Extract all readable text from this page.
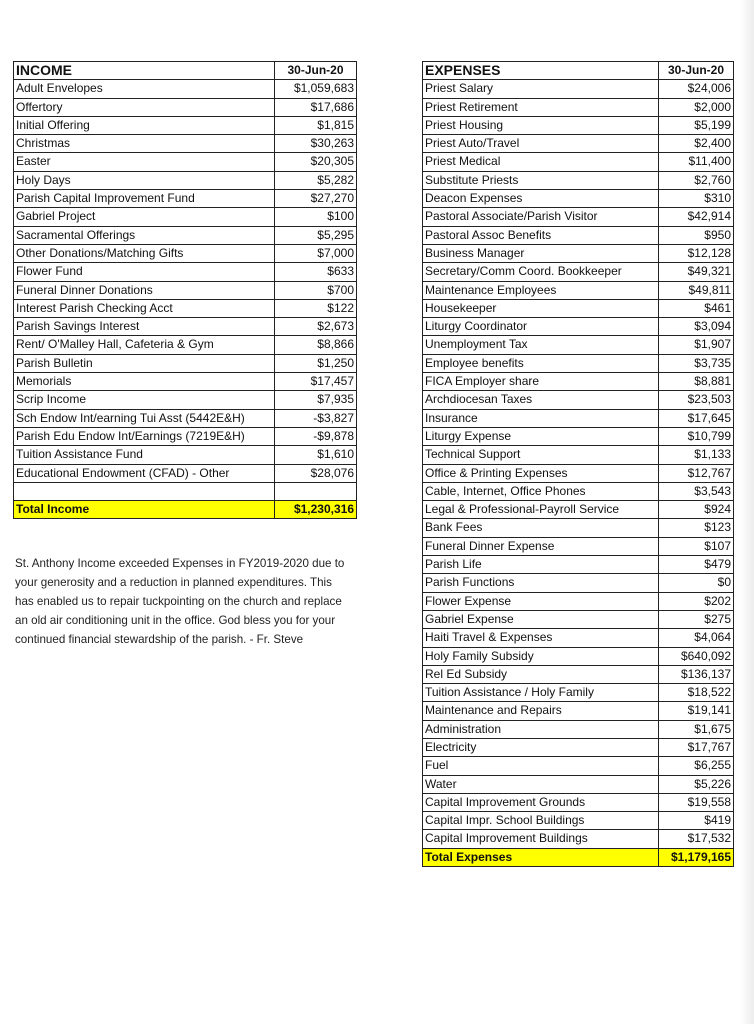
INCOME	30-Jun-20
Adult Envelopes	$1,059,683
Offertory	$17,686
Initial Offering	$1,815
Christmas	$30,263
Easter	$20,305
Holy Days	$5,282
Parish Capital Improvement Fund	$27,270
Gabriel Project	$100
Sacramental Offerings	$5,295
Other Donations/Matching Gifts	$7,000
Flower Fund	$633
Funeral Dinner Donations	$700
Interest Parish Checking Acct	$122
Parish Savings Interest	$2,673
Rent/ O'Malley Hall, Cafeteria & Gym	$8,866
Parish Bulletin	$1,250
Memorials	$17,457
Scrip Income	$7,935
Sch Endow Int/earning Tui Asst (5442E&H)	-$3,827
Parish Edu Endow Int/Earnings (7219E&H)	-$9,878
Tuition Assistance Fund	$1,610
Educational Endowment (CFAD) - Other	$28,076

Total Income	$1,230,316
EXPENSES	30-Jun-20
Priest Salary	$24,006
Priest Retirement	$2,000
Priest Housing	$5,199
Priest Auto/Travel	$2,400
Priest Medical	$11,400
Substitute Priests	$2,760
Deacon Expenses	$310
Pastoral Associate/Parish Visitor	$42,914
Pastoral Assoc Benefits	$950
Business Manager	$12,128
Secretary/Comm Coord. Bookkeeper	$49,321
Maintenance Employees	$49,811
Housekeeper	$461
Liturgy Coordinator	$3,094
Unemployment Tax	$1,907
Employee benefits	$3,735
FICA Employer share	$8,881
Archdiocesan Taxes	$23,503
Insurance	$17,645
Liturgy Expense	$10,799
Technical Support	$1,133
Office & Printing Expenses	$12,767
Cable, Internet, Office Phones	$3,543
Legal & Professional-Payroll Service	$924
Bank Fees	$123
Funeral Dinner Expense	$107
Parish Life	$479
Parish Functions	$0
Flower Expense	$202
Gabriel Expense	$275
Haiti Travel & Expenses	$4,064
Holy Family Subsidy	$640,092
Rel Ed Subsidy	$136,137
Tuition Assistance / Holy Family	$18,522
Maintenance and Repairs	$19,141
Administration	$1,675
Electricity	$17,767
Fuel	$6,255
Water	$5,226
Capital Improvement Grounds	$19,558
Capital Impr. School Buildings	$419
Capital Improvement Buildings	$17,532
Total Expenses	$1,179,165
St. Anthony Income exceeded Expenses in FY2019-2020 due to
your generosity and a reduction in planned expenditures. This
has enabled us to repair tuckpointing on the church and replace
an old air conditioning unit in the office. God bless you for your
continued financial stewardship of the parish. - Fr. Steve
